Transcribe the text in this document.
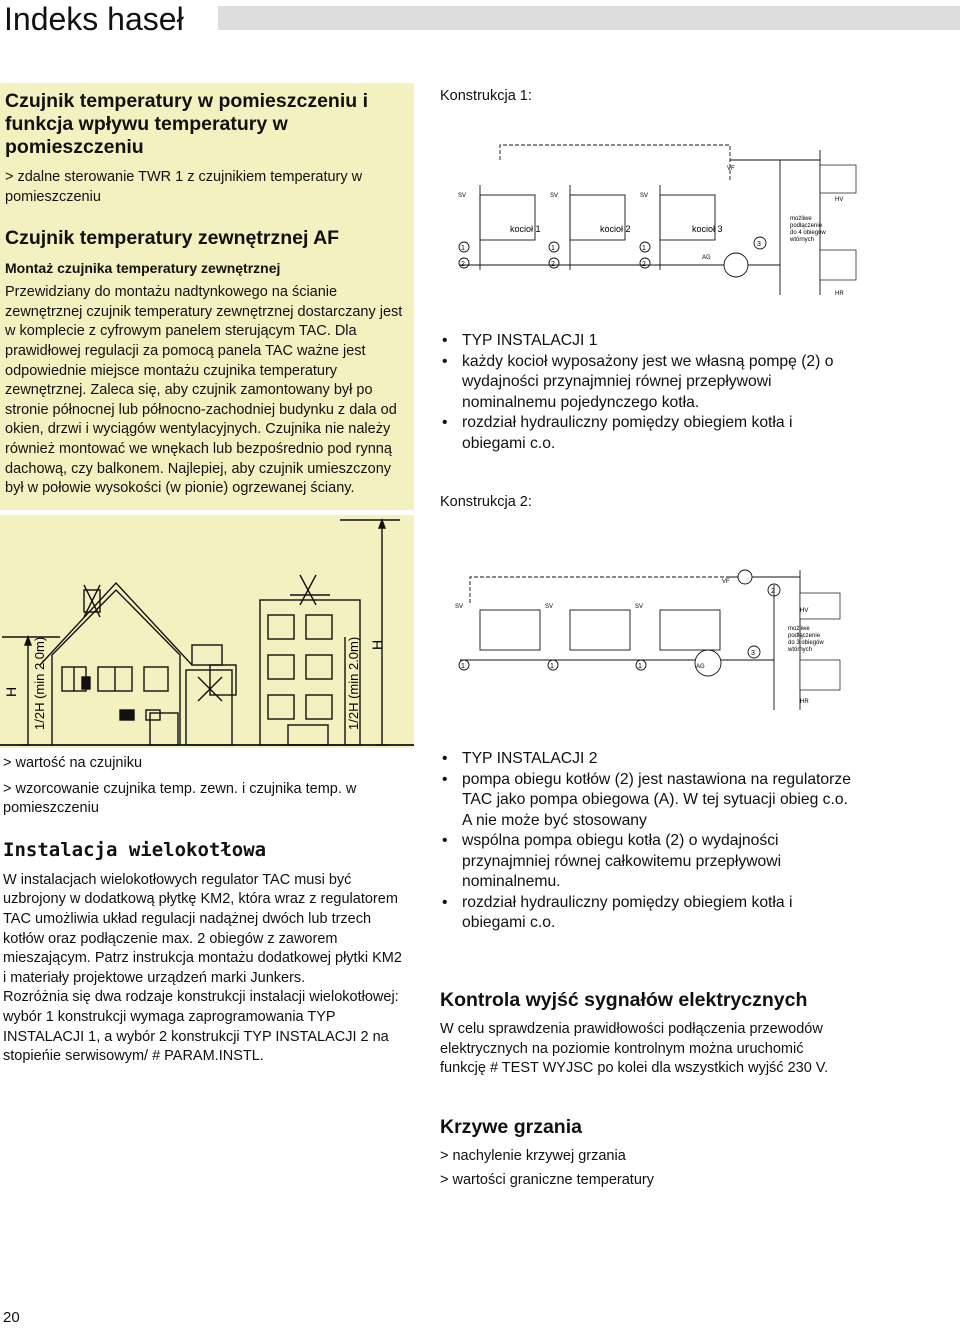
Indeks haseł
Czujnik temperatury w pomieszczeniu i funkcja wpływu temperatury w pomieszczeniu

> zdalne sterowanie TWR 1 z czujnikiem temperatury w pomieszczeniu

Czujnik temperatury zewnętrznej AF
Montaż czujnika temperatury zewnętrznej

Przewidziany do montażu nadtynkowego na ścianie zewnętrznej czujnik temperatury zewnętrznej dostarczany jest w komplecie z cyfrowym panelem sterującym TAC. Dla prawidłowej regulacji za pomocą panela TAC ważne jest odpowiednie miejsce montażu czujnika temperatury zewnętrznej. Zaleca się, aby czujnik zamontowany był po stronie północnej lub północno-zachodniej budynku z dala od okien, drzwi i wyciągów wentylacyjnych. Czujnika nie należy również montować we wnękach lub bezpośrednio pod rynną dachową, czy balkonem. Najlepiej, aby czujnik umieszczony był w połowie wysokości (w pionie) ogrzewanej ściany.

H 1/2H (min 2.0m)	H
1/2H (min 2.0m)

> wartość na czujniku

> wzorcowanie czujnika temp. zewn. i czujnika temp. w pomieszczeniu

Instalacja wielokotłowa

W instalacjach wielokotłowych regulator TAC musi być uzbrojony w dodatkową płytkę KM2, która wraz z regulatorem TAC umożliwia układ regulacji nadążnej dwóch lub trzech kotłów oraz podłączenie max. 2 obiegów z zaworem mieszającym. Patrz instrukcja montażu dodatkowej płytki KM2 i materiały projektowe urządzeń marki Junkers.

Rozróżnia się dwa rodzaje konstrukcji instalacji wielokotłowej: wybór 1 konstrukcji wymaga zaprogramowania TYP INSTALACJI 1, a wybór 2 konstrukcji TYP INSTALACJI 2 na stopieńie serwisowym/ # PARAM.INSTL.

Konstrukcja 1:
kocioł 1	kocioł 2	kocioł 3
VF
HV
HR
AG
SV	SV	SV
1
2
1
2
1
2
3
możliwe
podłączenie
do 4 obiegów
wtórnych
• TYP INSTALACJI 1
• każdy kocioł wyposażony jest we własną pompę (2) o wydajności przynajmniej równej przepływowi nominalnemu pojedynczego kotła.
• rozdział hydrauliczny pomiędzy obiegiem kotła i obiegami c.o.
Konstrukcja 2:
VF
HV
HR
AG
SV	SV	SV
1	1	1
3
2
możliwe
podłączenie
do 3 obiegów
wtórnych
• TYP INSTALACJI 2
• pompa obiegu kotłów (2) jest nastawiona na regulatorze TAC jako pompa obiegowa (A). W tej sytuacji obieg c.o. A nie może być stosowany
• wspólna pompa obiegu kotła (2) o wydajności przynajmniej równej całkowitemu przepływowi nominalnemu.
• rozdział hydrauliczny pomiędzy obiegiem kotła i obiegami c.o.
Kontrola wyjść sygnałów elektrycznych

W celu sprawdzenia prawidłowości podłączenia przewodów elektrycznych na poziomie kontrolnym można uruchomić funkcję # TEST WYJSC po kolei dla wszystkich wyjść 230 V.

Krzywe grzania

> nachylenie krzywej grzania

> wartości graniczne temperatury

20
